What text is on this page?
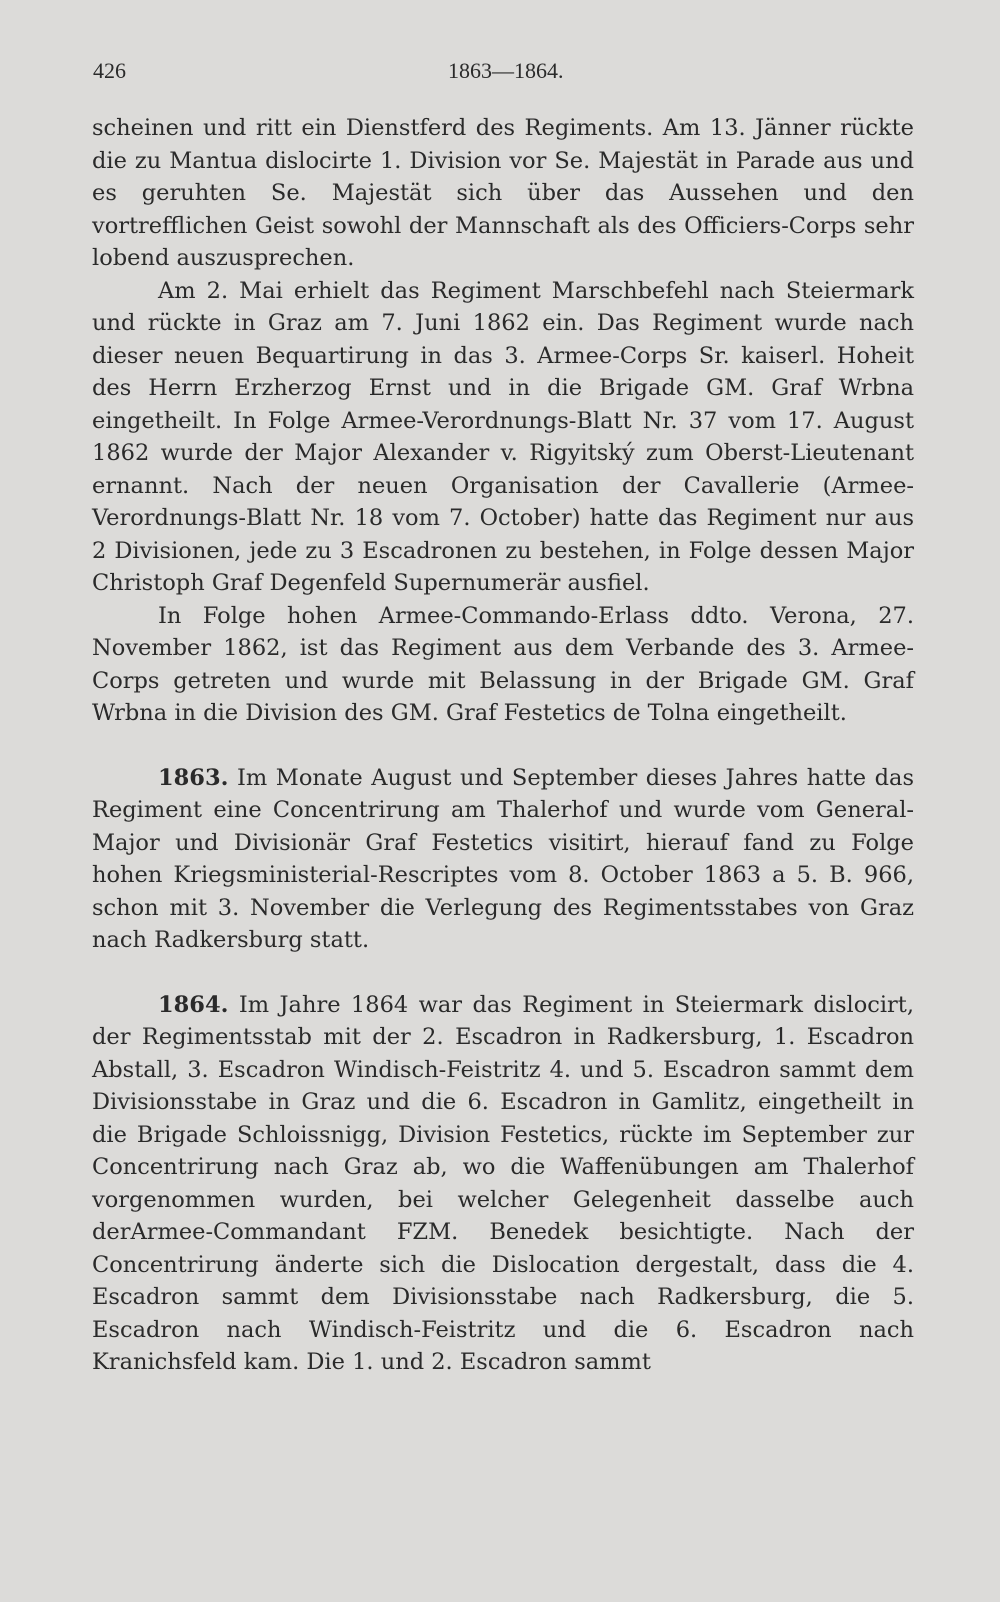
426	1863—1864.

scheinen und ritt ein Dienstferd des Regiments. Am 13. Jänner rückte die zu Mantua dislocirte 1. Division vor Se. Majestät in Parade aus und es geruhten Se. Majestät sich über das Aussehen und den vortrefflichen Geist sowohl der Mannschaft als des Officiers-Corps sehr lobend auszusprechen.

Am 2. Mai erhielt das Regiment Marschbefehl nach Steiermark und rückte in Graz am 7. Juni 1862 ein. Das Regiment wurde nach dieser neuen Bequartirung in das 3. Armee-Corps Sr. kaiserl. Hoheit des Herrn Erzherzog Ernst und in die Brigade GM. Graf Wrbna eingetheilt. In Folge Armee-Verordnungs-Blatt Nr. 37 vom 17. August 1862 wurde der Major Alexander v. Rigyitský zum Oberst-Lieutenant ernannt. Nach der neuen Organisation der Cavallerie (Armee-Verordnungs-Blatt Nr. 18 vom 7. October) hatte das Regiment nur aus 2 Divisionen, jede zu 3 Escadronen zu bestehen, in Folge dessen Major Christoph Graf Degenfeld Supernumerär ausfiel.

In Folge hohen Armee-Commando-Erlass ddto. Verona, 27. November 1862, ist das Regiment aus dem Verbande des 3. Armee-Corps getreten und wurde mit Belassung in der Brigade GM. Graf Wrbna in die Division des GM. Graf Festetics de Tolna eingetheilt.

1863. Im Monate August und September dieses Jahres hatte das Regiment eine Concentrirung am Thalerhof und wurde vom General-Major und Divisionär Graf Festetics visitirt, hierauf fand zu Folge hohen Kriegsministerial-Rescriptes vom 8. October 1863 a 5. B. 966, schon mit 3. November die Verlegung des Regimentsstabes von Graz nach Radkersburg statt.

1864. Im Jahre 1864 war das Regiment in Steiermark dislocirt, der Regimentsstab mit der 2. Escadron in Radkersburg, 1. Escadron Abstall, 3. Escadron Windisch-Feistritz 4. und 5. Escadron sammt dem Divisionsstabe in Graz und die 6. Escadron in Gamlitz, eingetheilt in die Brigade Schloissnigg, Division Festetics, rückte im September zur Concentrirung nach Graz ab, wo die Waffenübungen am Thalerhof vorgenommen wurden, bei welcher Gelegenheit dasselbe auch derArmee-Commandant FZM. Benedek besichtigte. Nach der Concentrirung änderte sich die Dislocation dergestalt, dass die 4. Escadron sammt dem Divisionsstabe nach Radkersburg, die 5. Escadron nach Windisch-Feistritz und die 6. Escadron nach Kranichsfeld kam. Die 1. und 2. Escadron sammt
